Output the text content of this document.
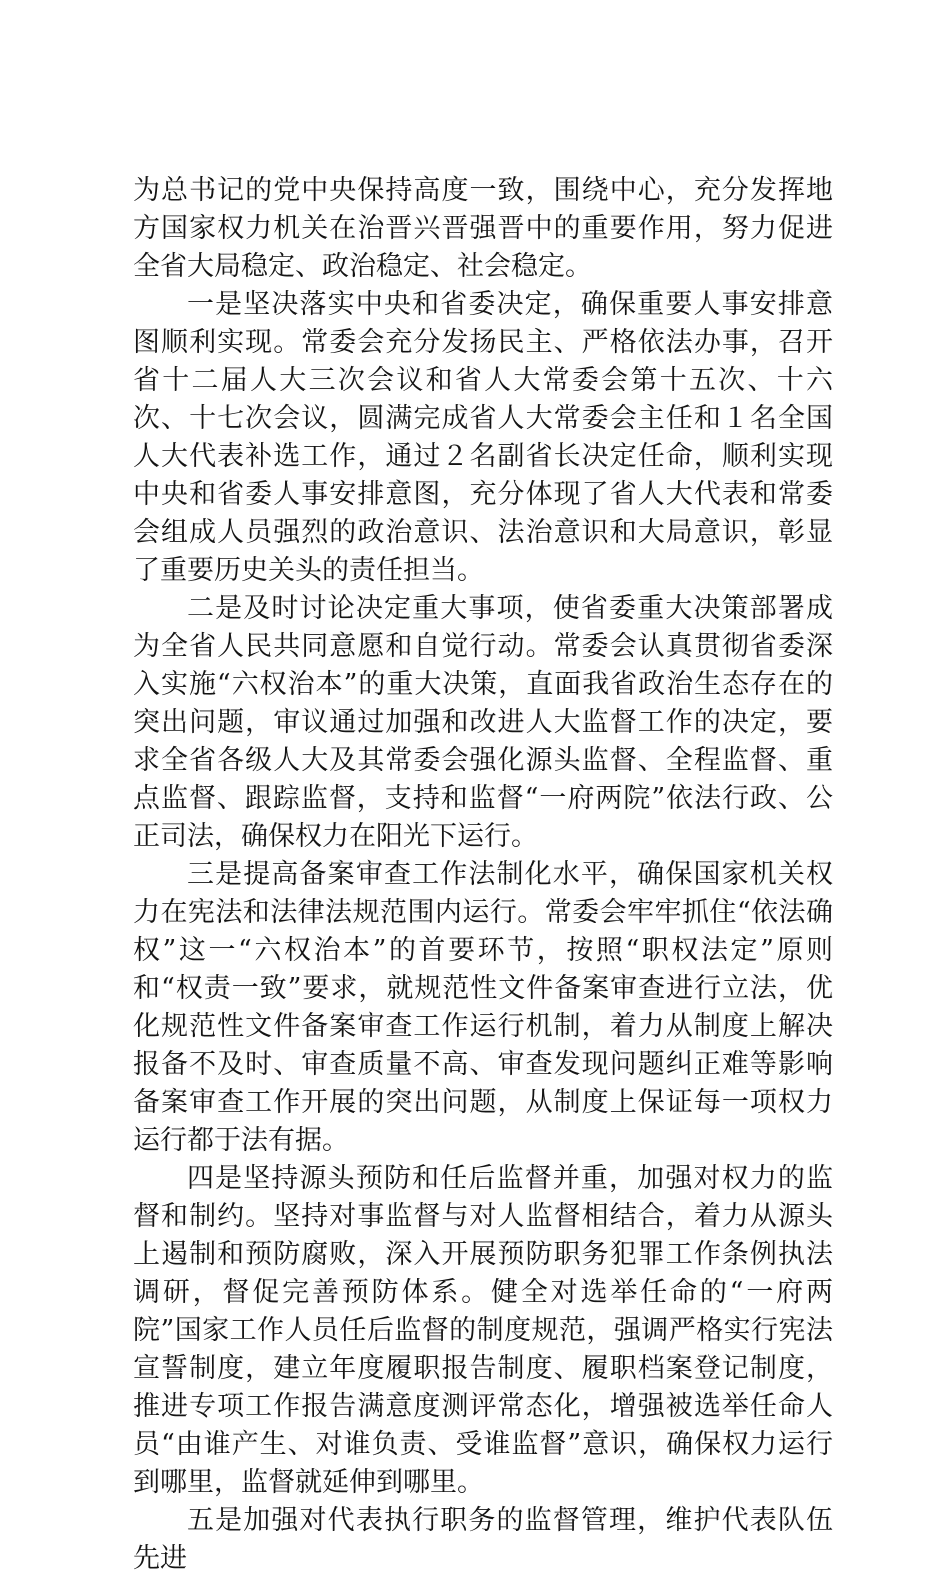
为总书记的党中央保持高度一致，围绕中心，充分发挥地方国家权力机关在治晋兴晋强晋中的重要作用，努力促进全省大局稳定、政治稳定、社会稳定。

一是坚决落实中央和省委决定，确保重要人事安排意图顺利实现。常委会充分发扬民主、严格依法办事，召开省十二届人大三次会议和省人大常委会第十五次、十六次、十七次会议，圆满完成省人大常委会主任和１名全国人大代表补选工作，通过２名副省长决定任命，顺利实现中央和省委人事安排意图，充分体现了省人大代表和常委会组成人员强烈的政治意识、法治意识和大局意识，彰显了重要历史关头的责任担当。

二是及时讨论决定重大事项，使省委重大决策部署成为全省人民共同意愿和自觉行动。常委会认真贯彻省委深入实施“六权治本”的重大决策，直面我省政治生态存在的突出问题，审议通过加强和改进人大监督工作的决定，要求全省各级人大及其常委会强化源头监督、全程监督、重点监督、跟踪监督，支持和监督“一府两院”依法行政、公正司法，确保权力在阳光下运行。

三是提高备案审查工作法制化水平，确保国家机关权力在宪法和法律法规范围内运行。常委会牢牢抓住“依法确权”这一“六权治本”的首要环节，按照“职权法定”原则和“权责一致”要求，就规范性文件备案审查进行立法，优化规范性文件备案审查工作运行机制，着力从制度上解决报备不及时、审查质量不高、审查发现问题纠正难等影响备案审查工作开展的突出问题，从制度上保证每一项权力运行都于法有据。

四是坚持源头预防和任后监督并重，加强对权力的监督和制约。坚持对事监督与对人监督相结合，着力从源头上遏制和预防腐败，深入开展预防职务犯罪工作条例执法调研，督促完善预防体系。健全对选举任命的“一府两院”国家工作人员任后监督的制度规范，强调严格实行宪法宣誓制度，建立年度履职报告制度、履职档案登记制度，推进专项工作报告满意度测评常态化，增强被选举任命人员“由谁产生、对谁负责、受谁监督”意识，确保权力运行到哪里，监督就延伸到哪里。

五是加强对代表执行职务的监督管理，维护代表队伍先进
